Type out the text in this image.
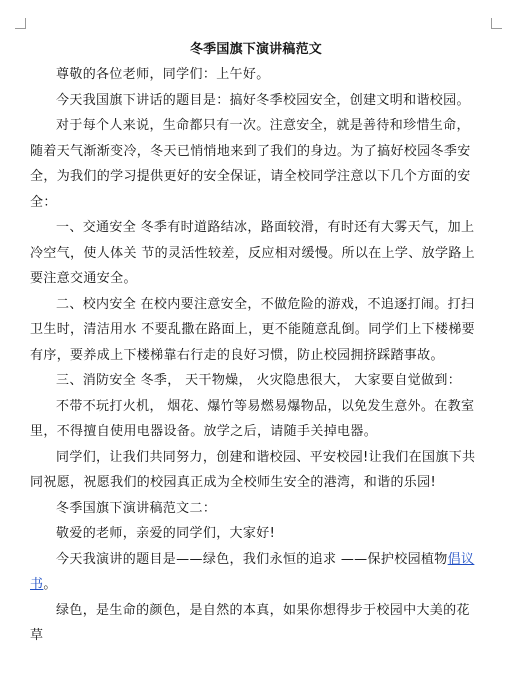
冬季国旗下演讲稿范文

尊敬的各位老师，同学们：上午好。

今天我国旗下讲话的题目是：搞好冬季校园安全，创建文明和谐校园。

对于每个人来说，生命都只有一次。注意安全，就是善待和珍惜生命，随着天气渐渐变冷，冬天已悄悄地来到了我们的身边。为了搞好校园冬季安全，为我们的学习提供更好的安全保证，请全校同学注意以下几个方面的安全：

一、交通安全 冬季有时道路结冰，路面较滑，有时还有大雾天气，加上冷空气，使人体关 节的灵活性较差，反应相对缓慢。所以在上学、放学路上要注意交通安全。

二、校内安全 在校内要注意安全，不做危险的游戏，不追逐打闹。打扫卫生时，清洁用水 不要乱撒在路面上，更不能随意乱倒。同学们上下楼梯要有序，要养成上下楼梯靠右行走的良好习惯，防止校园拥挤踩踏事故。

三、消防安全 冬季， 天干物燥， 火灾隐患很大， 大家要自觉做到：

不带不玩打火机， 烟花、爆竹等易燃易爆物品，以免发生意外。在教室里，不得擅自使用电器设备。放学之后，请随手关掉电器。

同学们，让我们共同努力，创建和谐校园、平安校园!让我们在国旗下共同祝愿，祝愿我们的校园真正成为全校师生安全的港湾，和谐的乐园!

冬季国旗下演讲稿范文二：

敬爱的老师，亲爱的同学们，大家好!

今天我演讲的题目是——绿色，我们永恒的追求 ——保护校园植物倡议书。

绿色，是生命的颜色，是自然的本真，如果你想得步于校园中大美的花草
